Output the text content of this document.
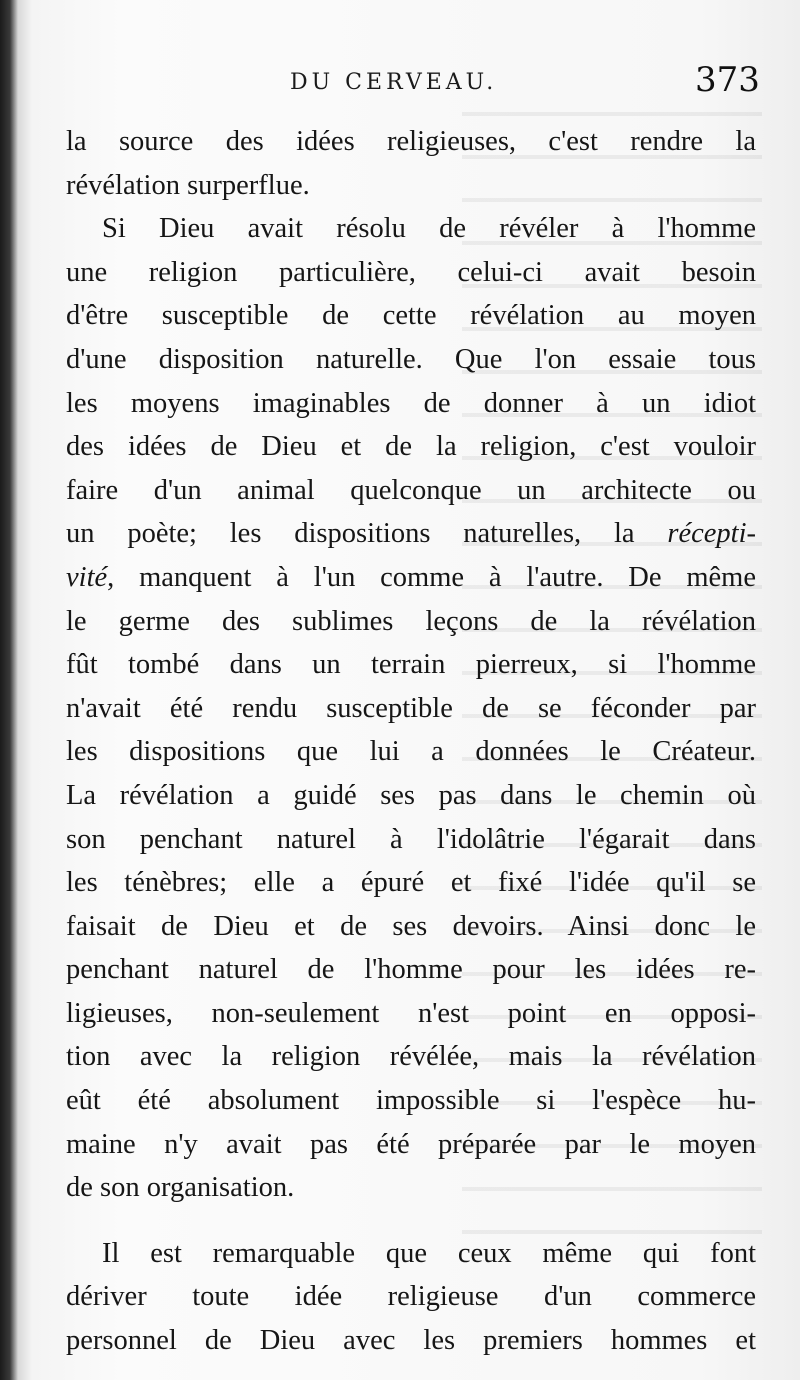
DU CERVEAU.	373
la source des idées religieuses, c'est rendre la
révélation surperflue.
Si Dieu avait résolu de révéler à l'homme
une religion particulière, celui-ci avait besoin
d'être susceptible de cette révélation au moyen
d'une disposition naturelle. Que l'on essaie tous
les moyens imaginables de donner à un idiot
des idées de Dieu et de la religion, c'est vouloir
faire d'un animal quelconque un architecte ou
un poète; les dispositions naturelles, la récepti-
vité, manquent à l'un comme à l'autre. De même
le germe des sublimes leçons de la révélation
fût tombé dans un terrain pierreux, si l'homme
n'avait été rendu susceptible de se féconder par
les dispositions que lui a données le Créateur.
La révélation a guidé ses pas dans le chemin où
son penchant naturel à l'idolâtrie l'égarait dans
les ténèbres; elle a épuré et fixé l'idée qu'il se
faisait de Dieu et de ses devoirs. Ainsi donc le
penchant naturel de l'homme pour les idées re-
ligieuses, non-seulement n'est point en opposi-
tion avec la religion révélée, mais la révélation
eût été absolument impossible si l'espèce hu-
maine n'y avait pas été préparée par le moyen
de son organisation.
Il est remarquable que ceux même qui font
dériver toute idée religieuse d'un commerce
personnel de Dieu avec les premiers hommes et
